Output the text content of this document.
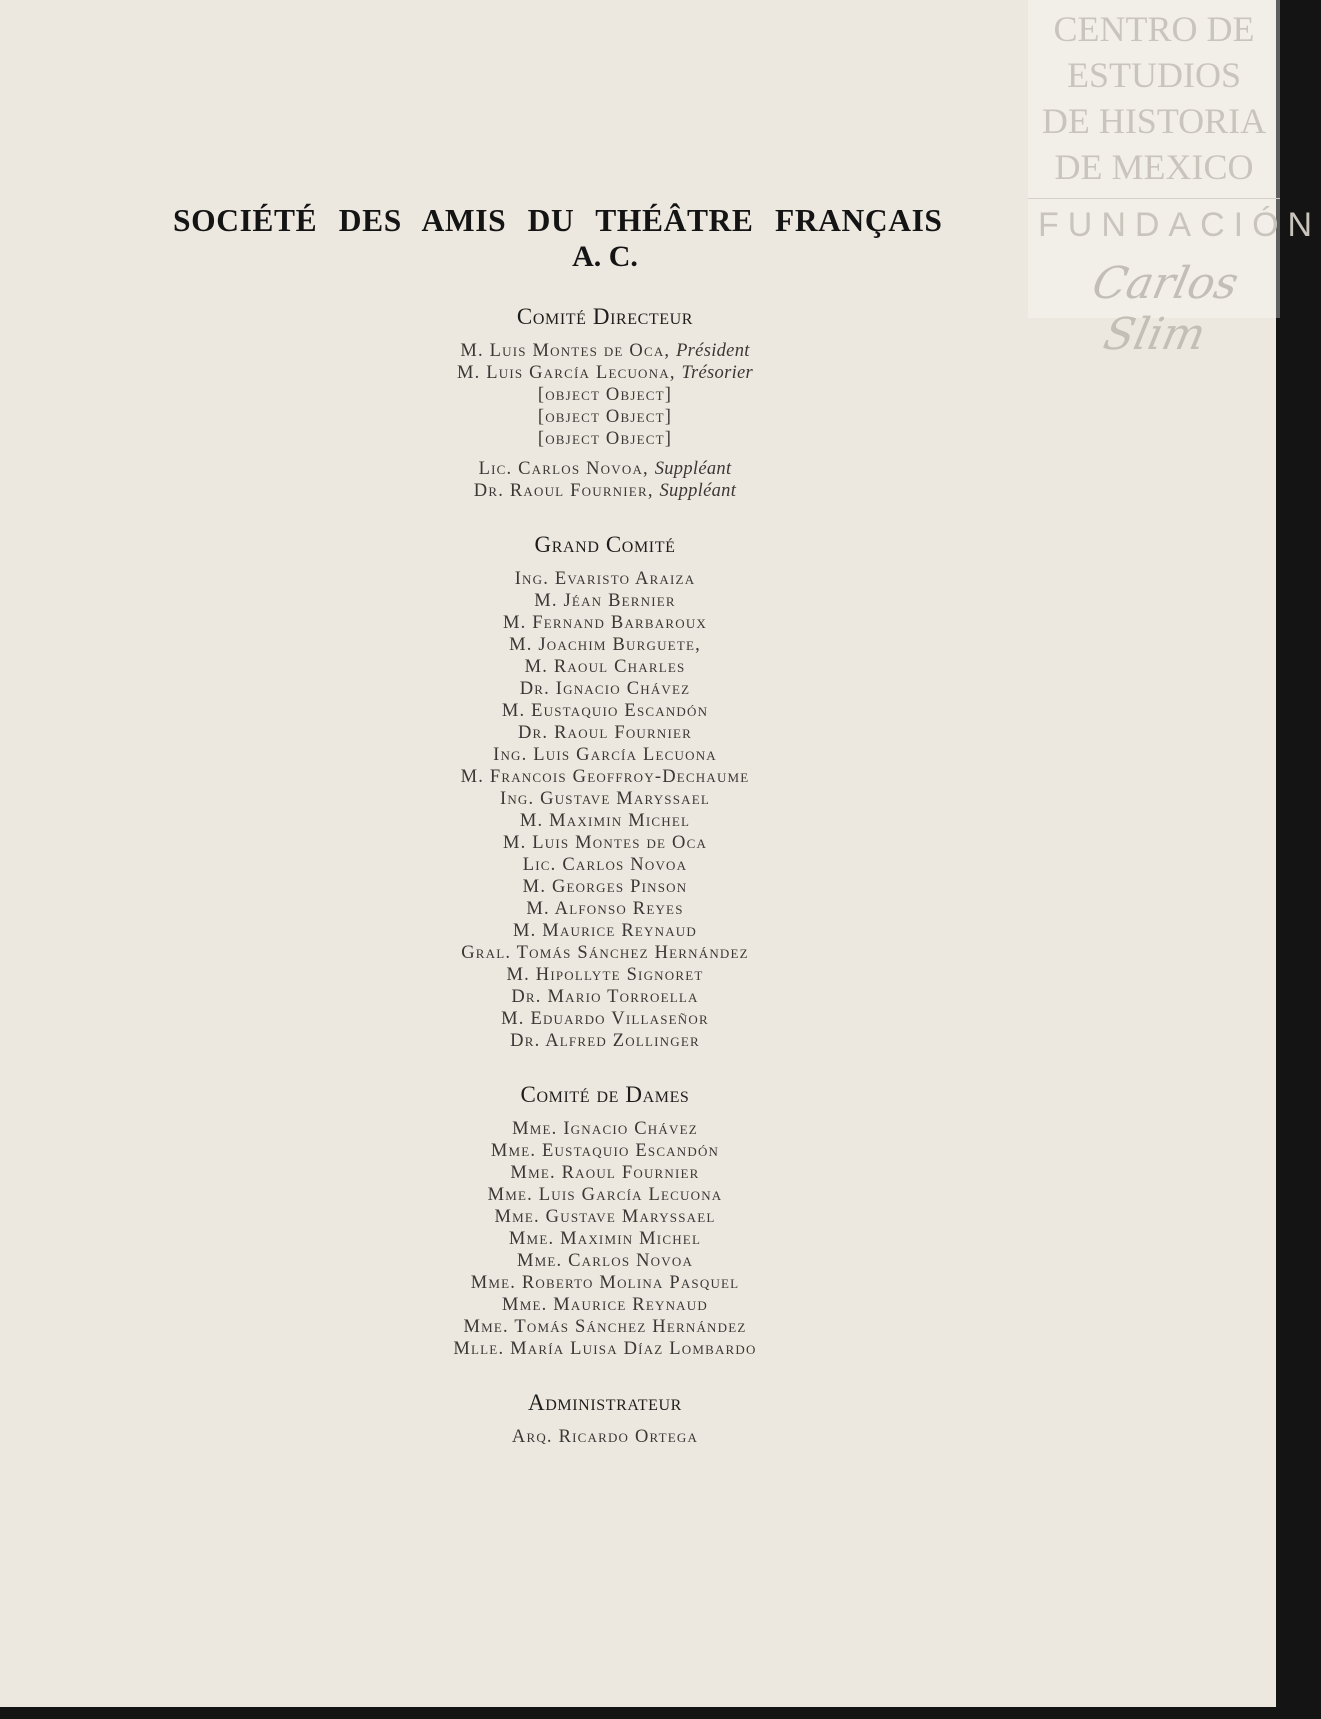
CENTRO DE
ESTUDIOS
DE HISTORIA
DE MEXICO
FUNDACIÓN
Carlos Slim
SOCIÉTÉ DES AMIS DU THÉÂTRE FRANÇAIS
A. C.
Comité Directeur
M. Luis Montes de Oca, Président
M. Luis García Lecuona, Trésorier
[object Object]
[object Object]
[object Object]
Lic. Carlos Novoa, Suppléant
Dr. Raoul Fournier, Suppléant
Grand Comité
Ing. Evaristo Araiza
M. Jéan Bernier
M. Fernand Barbaroux
M. Joachim Burguete,
M. Raoul Charles
Dr. Ignacio Chávez
M. Eustaquio Escandón
Dr. Raoul Fournier
Ing. Luis García Lecuona
M. Francois Geoffroy-Dechaume
Ing. Gustave Maryssael
M. Maximin Michel
M. Luis Montes de Oca
Lic. Carlos Novoa
M. Georges Pinson
M. Alfonso Reyes
M. Maurice Reynaud
Gral. Tomás Sánchez Hernández
M. Hipollyte Signoret
Dr. Mario Torroella
M. Eduardo Villaseñor
Dr. Alfred Zollinger
Comité de Dames
Mme. Ignacio Chávez
Mme. Eustaquio Escandón
Mme. Raoul Fournier
Mme. Luis García Lecuona
Mme. Gustave Maryssael
Mme. Maximin Michel
Mme. Carlos Novoa
Mme. Roberto Molina Pasquel
Mme. Maurice Reynaud
Mme. Tomás Sánchez Hernández
Mlle. María Luisa Díaz Lombardo
Administrateur
Arq. Ricardo Ortega
